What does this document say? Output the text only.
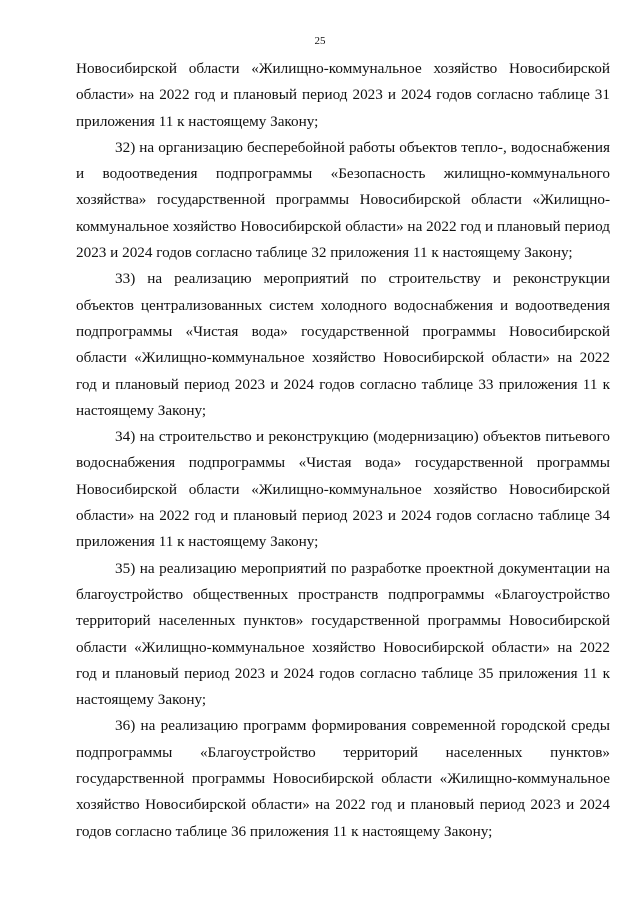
25
Новосибирской области «Жилищно-коммунальное хозяйство Новосибирской
области» на 2022 год и плановый период 2023 и 2024 годов согласно таблице 31
приложения 11 к настоящему Закону;
32) на организацию бесперебойной работы объектов тепло-, водоснабжения
и водоотведения подпрограммы «Безопасность жилищно-коммунального
хозяйства» государственной программы Новосибирской области «Жилищно-
коммунальное хозяйство Новосибирской области» на 2022 год и плановый период
2023 и 2024 годов согласно таблице 32 приложения 11 к настоящему Закону;
33) на реализацию мероприятий по строительству и реконструкции
объектов централизованных систем холодного водоснабжения и водоотведения
подпрограммы «Чистая вода» государственной программы Новосибирской
области «Жилищно-коммунальное хозяйство Новосибирской области» на 2022
год и плановый период 2023 и 2024 годов согласно таблице 33 приложения 11 к
настоящему Закону;
34) на строительство и реконструкцию (модернизацию) объектов питьевого
водоснабжения подпрограммы «Чистая вода» государственной программы
Новосибирской области «Жилищно-коммунальное хозяйство Новосибирской
области» на 2022 год и плановый период 2023 и 2024 годов согласно таблице 34
приложения 11 к настоящему Закону;
35) на реализацию мероприятий по разработке проектной документации на
благоустройство общественных пространств подпрограммы «Благоустройство
территорий населенных пунктов» государственной программы Новосибирской
области «Жилищно-коммунальное хозяйство Новосибирской области» на 2022
год и плановый период 2023 и 2024 годов согласно таблице 35 приложения 11 к
настоящему Закону;
36) на реализацию программ формирования современной городской среды
подпрограммы «Благоустройство территорий населенных пунктов»
государственной программы Новосибирской области «Жилищно-коммунальное
хозяйство Новосибирской области» на 2022 год и плановый период 2023 и 2024
годов согласно таблице 36 приложения 11 к настоящему Закону;
